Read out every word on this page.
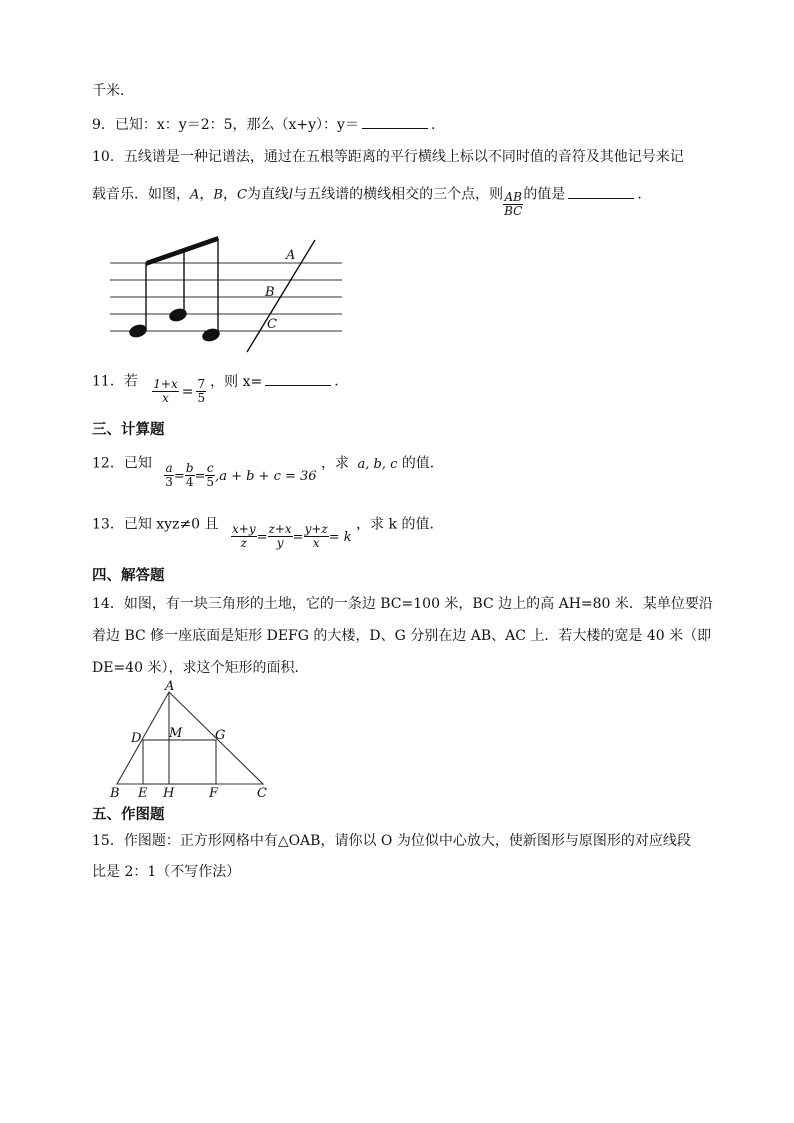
千米．
9．已知：x：y＝2：5，那么（x+y）：y＝	．
10．五线谱是一种记谱法，通过在五根等距离的平行横线上标以不同时值的音符及其他记号来记
载音乐．如图，A，B，C为直线l与五线谱的横线相交的三个点，则 $\frac{AB}{BC}$ 的值是	．
A
B
C
11．若 $\frac{1+x}{x} = \frac{7}{5}$ ，则 x=	．
三、计算题
12．已知 $\frac{a}{3} = \frac{b}{4} = \frac{c}{5} ,a + b + c = 36$ ，求 a, b, c 的值．
13．已知 xyz≠0 且 $\frac{x+y}{z} = \frac{z+x}{y} = \frac{y+z}{x} = k$ ，求 k 的值．
四、解答题
14．如图，有一块三角形的土地，它的一条边 BC=100 米，BC 边上的高 AH=80 米．某单位要沿
着边 BC 修一座底面是矩形 DEFG 的大楼，D、G 分别在边 AB、AC 上．若大楼的宽是 40 米（即
DE=40 米），求这个矩形的面积．
A
D M	G
B E H	F	C
五、作图题
15．作图题：正方形网格中有△OAB，请你以 O 为位似中心放大，使新图形与原图形的对应线段
比是 2：1（不写作法）
